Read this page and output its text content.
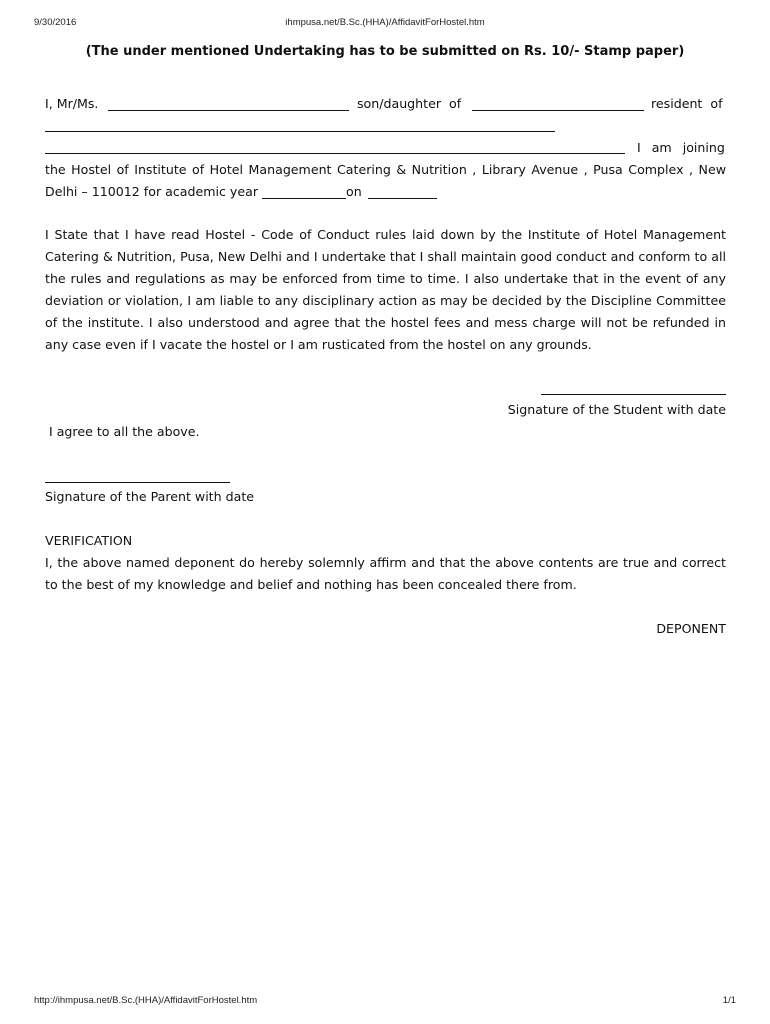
9/30/2016	ihmpusa.net/B.Sc.(HHA)/AffidavitForHostel.htm
(The under mentioned Undertaking has to be submitted on Rs. 10/- Stamp paper)
I, Mr/Ms.	son/daughter of	resident of
I am joining
the Hostel of Institute of Hotel Management Catering & Nutrition , Library Avenue , Pusa Complex , New
Delhi – 110012 for academic year	on
I State that I have read Hostel - Code of Conduct rules laid down by the Institute of Hotel Management
Catering & Nutrition, Pusa, New Delhi and I undertake that I shall maintain good conduct and conform to all
the rules and regulations as may be enforced from time to time. I also undertake that in the event of any
deviation or violation, I am liable to any disciplinary action as may be decided by the Discipline Committee
of the institute. I also understood and agree that the hostel fees and mess charge will not be refunded in
any case even if I vacate the hostel or I am rusticated from the hostel on any grounds.
Signature of the Student with date
I agree to all the above.
Signature of the Parent with date
VERIFICATION
I, the above named deponent do hereby solemnly affirm and that the above contents are true and correct
to the best of my knowledge and belief and nothing has been concealed there from.
DEPONENT
http://ihmpusa.net/B.Sc.(HHA)/AffidavitForHostel.htm	1/1
